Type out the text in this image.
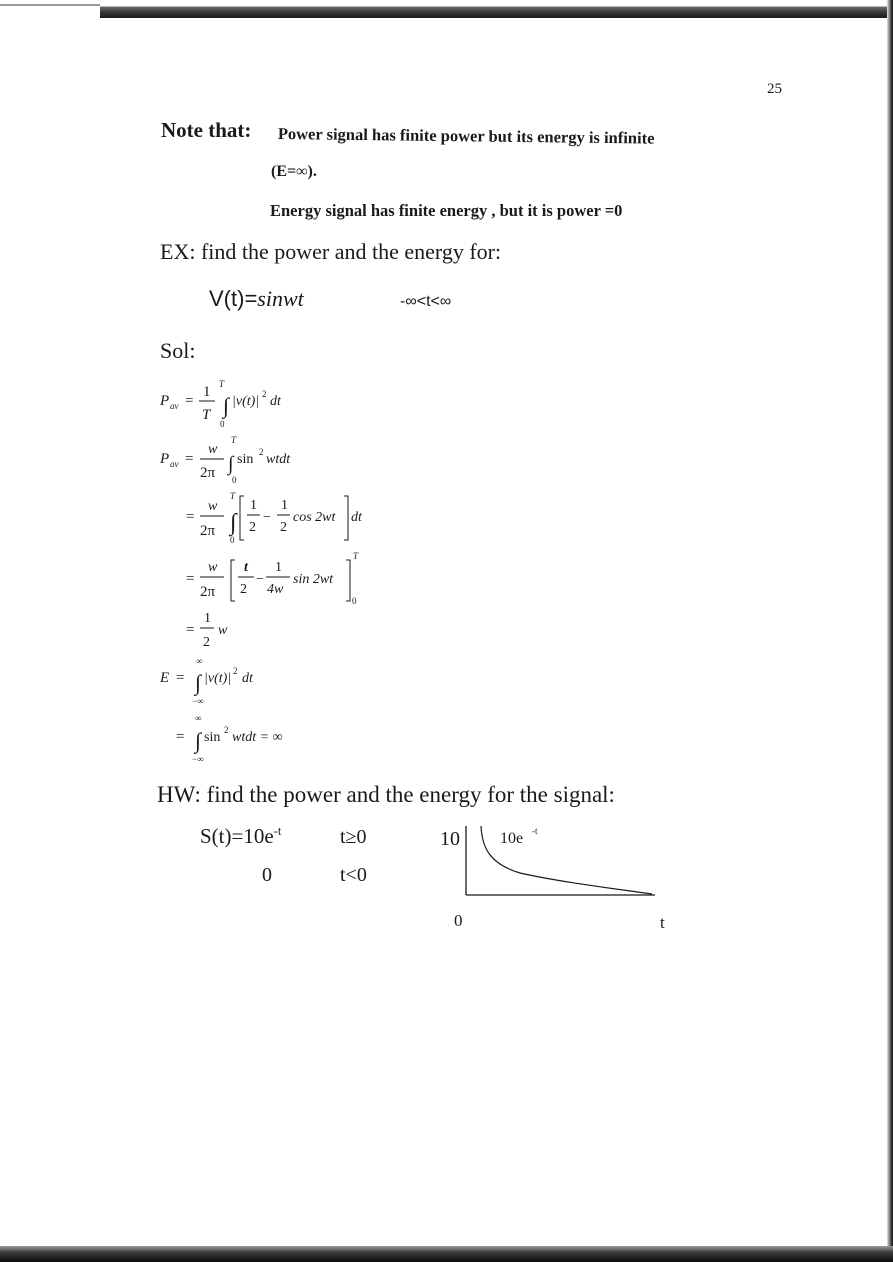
25
Note that: Power signal has finite power but its energy is infinite
(E=∞).
Energy signal has finite energy , but it is power =0
EX: find the power and the energy for:
V(t)=sinwt	-∞<t<∞
Sol:
P av =
1
T
T
∫
0
|v(t)| 2 dt
P av =
w
2π
T
∫
0
sin 2 wtdt
=
w
2π
T
∫
0
1
2
−
1
2
cos 2wt dt
=
w
2π
t
2
−
1
4w
sin 2wt
T
0
=
1
2
w
E =
∞
∫
−∞
|v(t)| 2 dt
=
∞
∫
−∞
sin 2 wtdt = ∞
HW: find the power and the energy for the signal:
$S(t)=10e^{-t}$	t≥0
0	t<0
10	10e -t
0	t
